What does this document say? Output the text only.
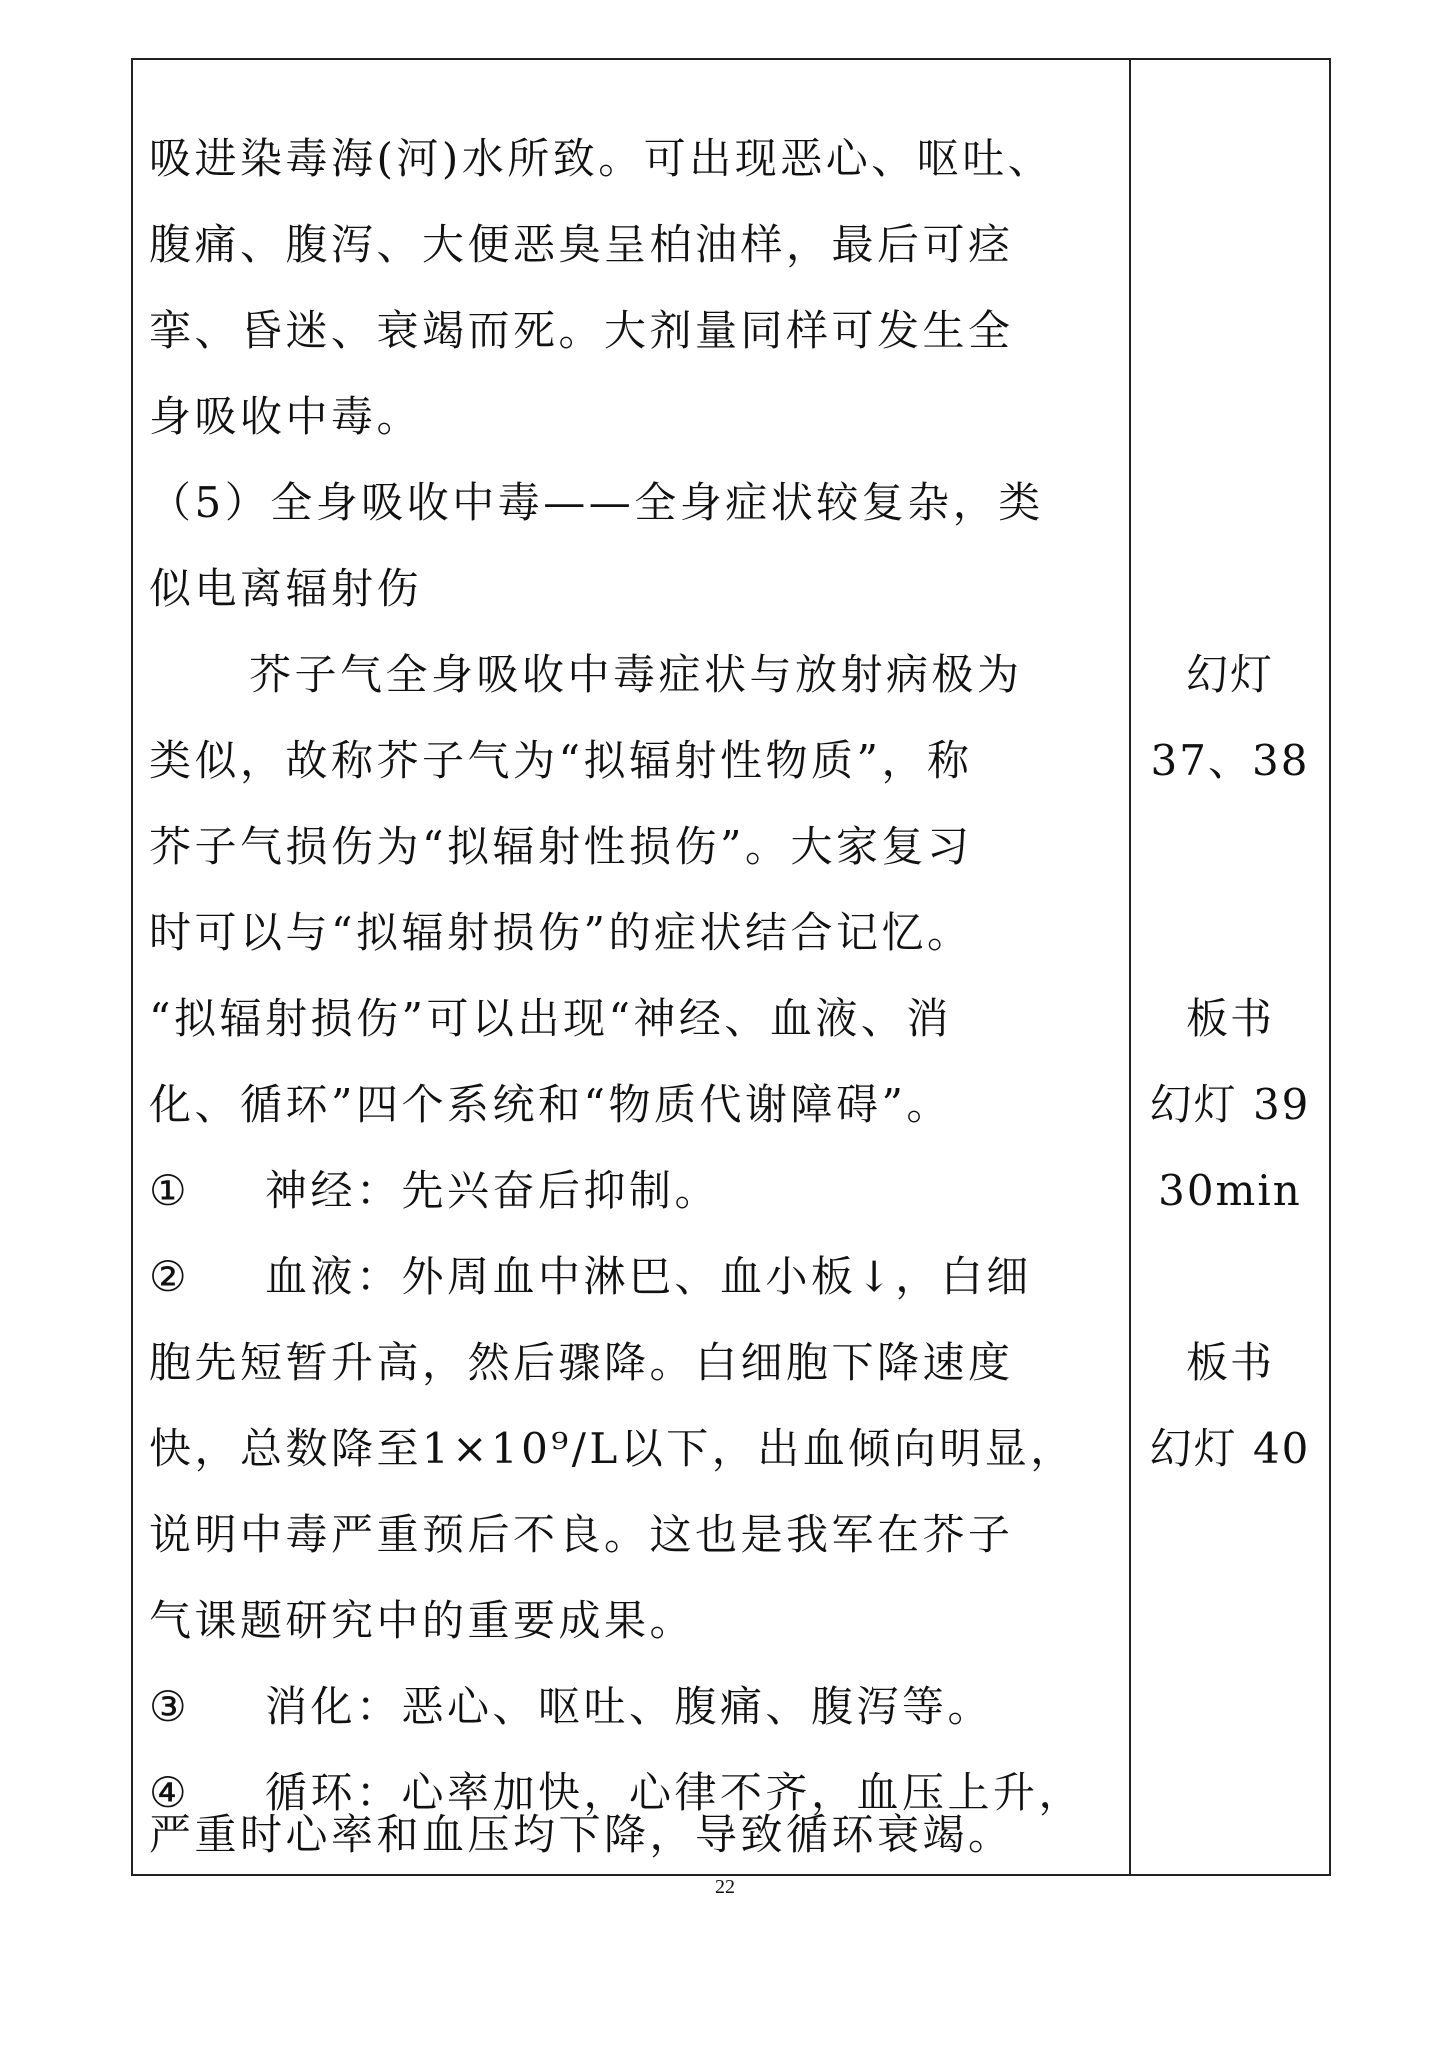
吸进染毒海(河)水所致。可出现恶心、呕吐、
腹痛、腹泻、大便恶臭呈柏油样，最后可痉
挛、昏迷、衰竭而死。大剂量同样可发生全
身吸收中毒。
（5）全身吸收中毒——全身症状较复杂，类
似电离辐射伤
芥子气全身吸收中毒症状与放射病极为
类似，故称芥子气为“拟辐射性物质”，称
芥子气损伤为“拟辐射性损伤”。大家复习
时可以与“拟辐射损伤”的症状结合记忆。
“拟辐射损伤”可以出现“神经、血液、消
化、循环”四个系统和“物质代谢障碍”。
① 神经：先兴奋后抑制。
② 血液：外周血中淋巴、血小板↓，白细
胞先短暂升高，然后骤降。白细胞下降速度
快，总数降至1×10⁹/L以下，出血倾向明显，
说明中毒严重预后不良。这也是我军在芥子
气课题研究中的重要成果。
③ 消化：恶心、呕吐、腹痛、腹泻等。
④ 循环：心率加快，心律不齐，血压上升，
严重时心率和血压均下降，导致循环衰竭。
幻灯
37、38
板书
幻灯 39
30min
板书
幻灯 40
22
